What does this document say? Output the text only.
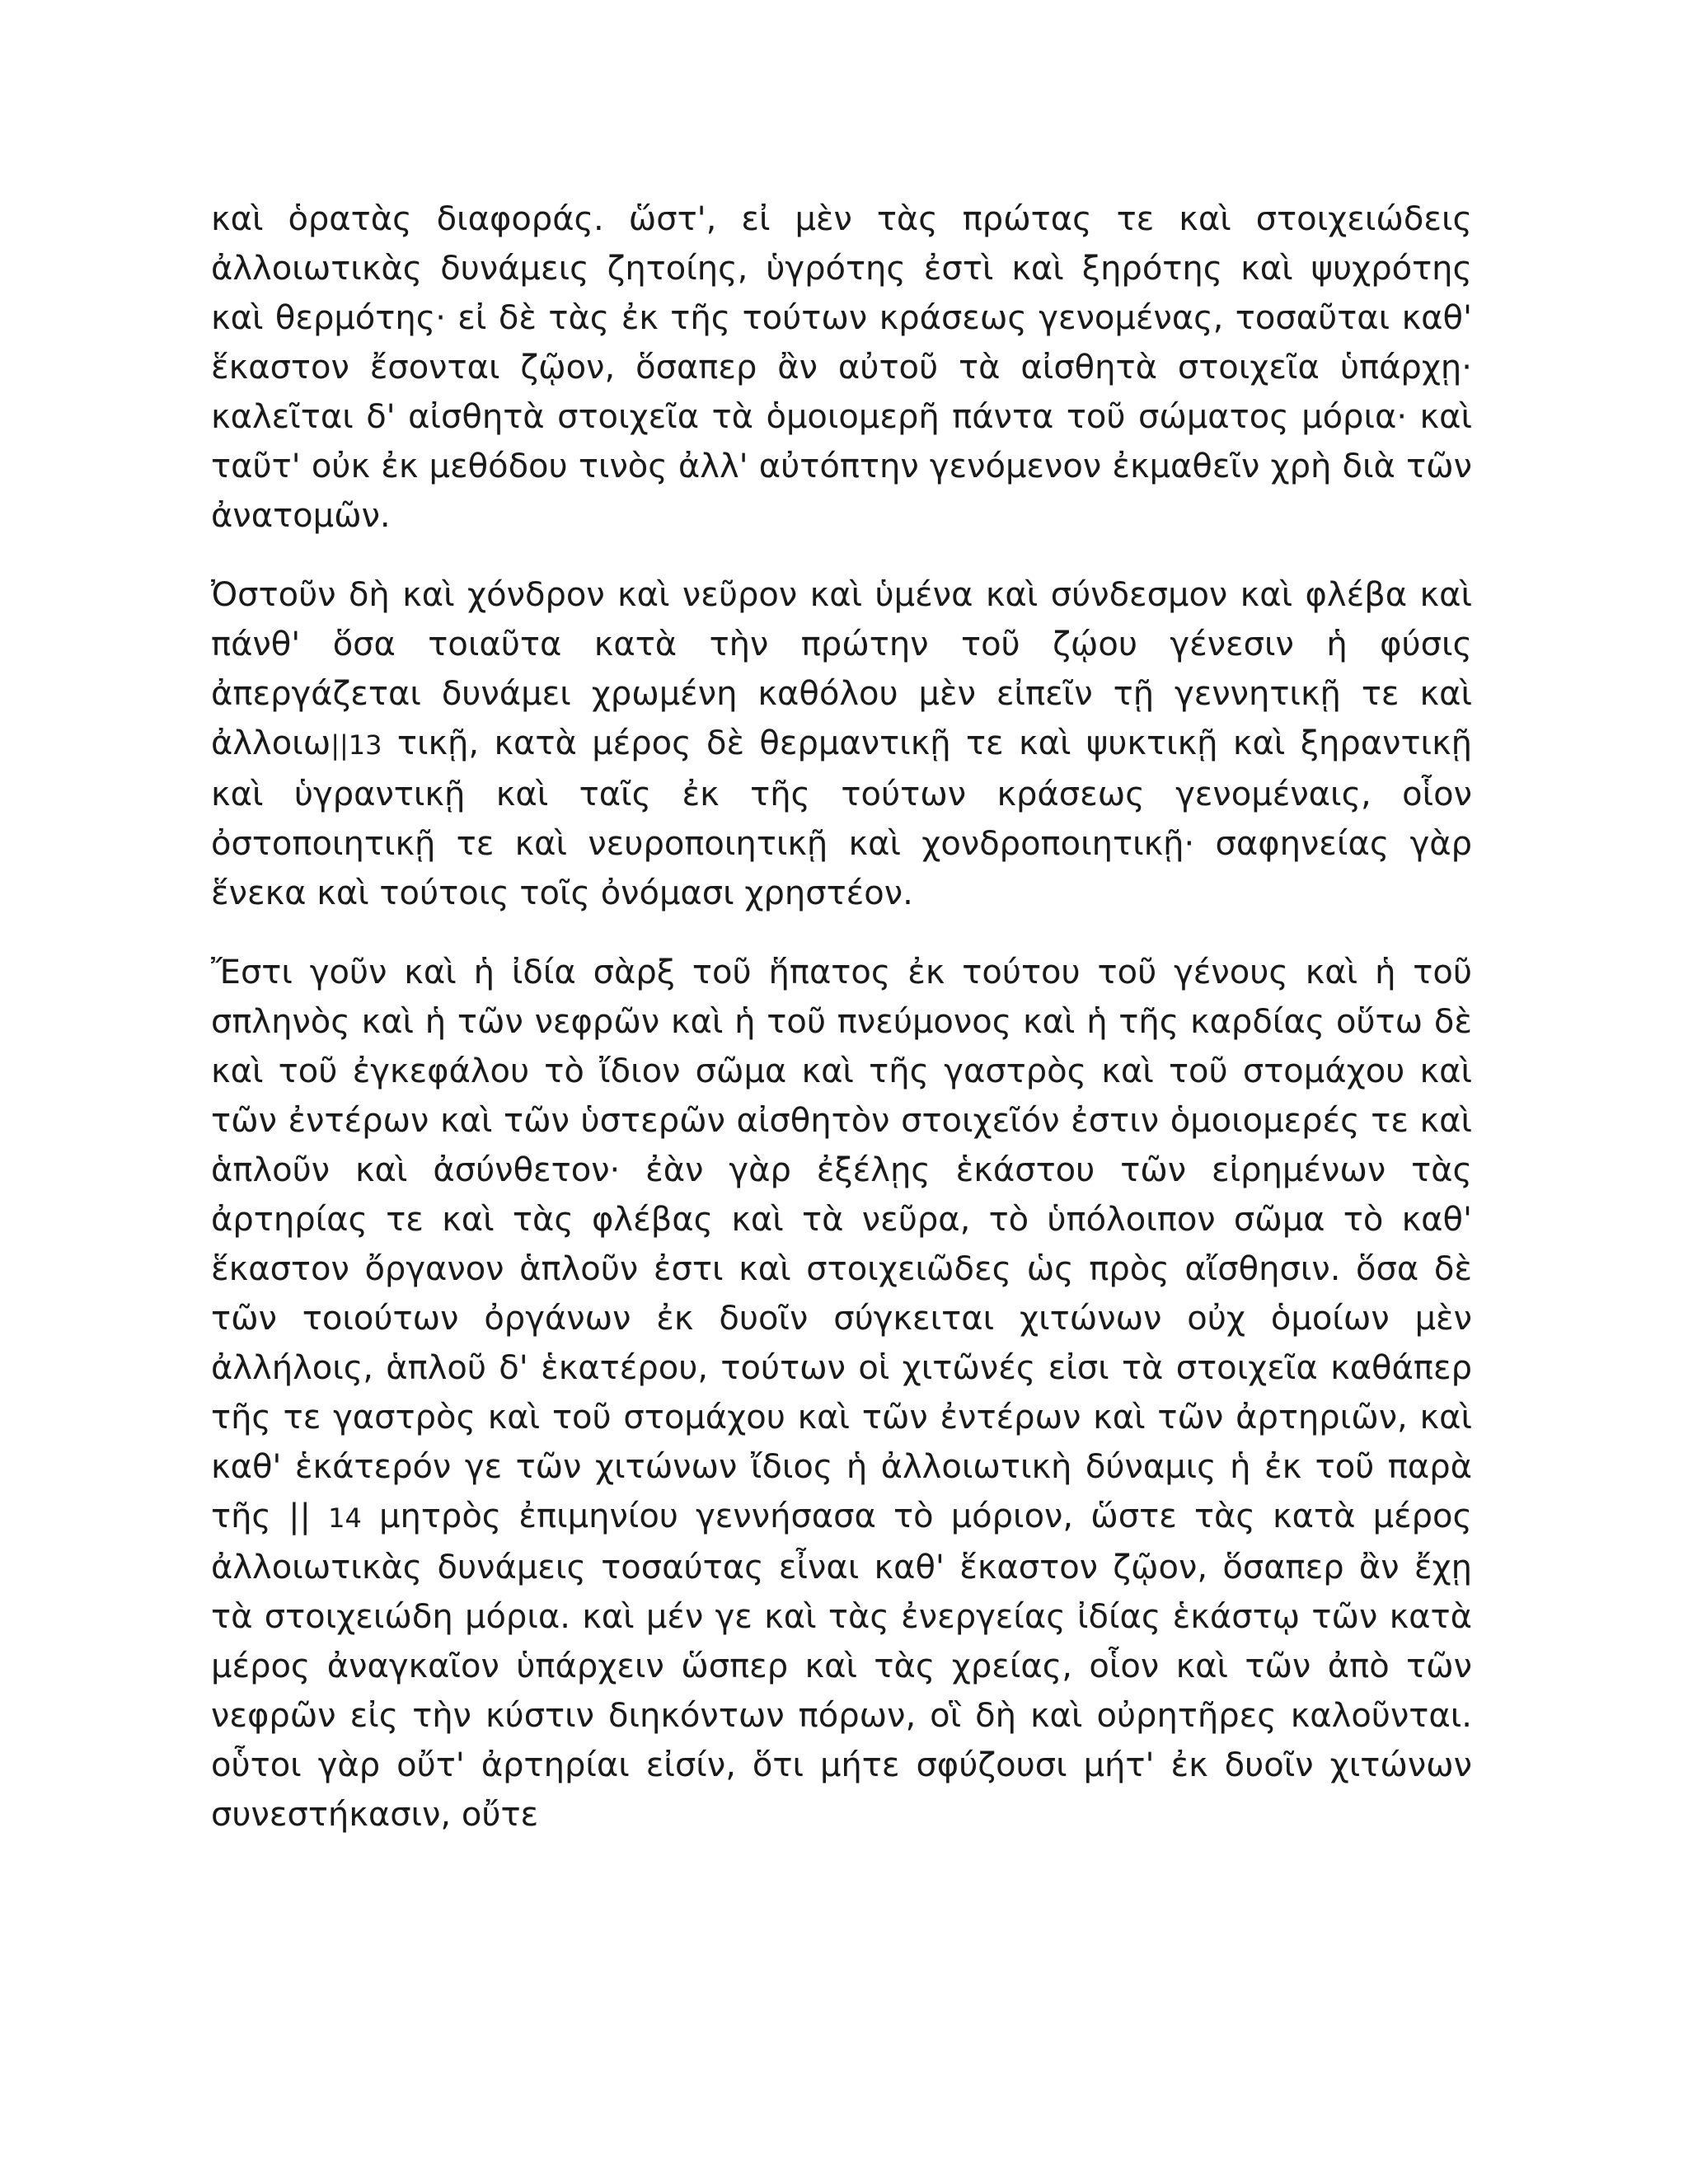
καὶ ὁρατὰς διαφοράς. ὥστ', εἰ μὲν τὰς πρώτας τε καὶ στοιχειώδεις ἀλλοιωτικὰς δυνάμεις ζητοίης, ὑγρότης ἐστὶ καὶ ξηρότης καὶ ψυχρότης καὶ θερμότης· εἰ δὲ τὰς ἐκ τῆς τούτων κράσεως γενομένας, τοσαῦται καθ' ἕκαστον ἔσονται ζῷον, ὅσαπερ ἂν αὐτοῦ τὰ αἰσθητὰ στοιχεῖα ὑπάρχῃ· καλεῖται δ' αἰσθητὰ στοιχεῖα τὰ ὁμοιομερῆ πάντα τοῦ σώματος μόρια· καὶ ταῦτ' οὐκ ἐκ μεθόδου τινὸς ἀλλ' αὐτόπτην γενόμενον ἐκμαθεῖν χρὴ διὰ τῶν ἀνατομῶν.

Ὀστοῦν δὴ καὶ χόνδρον καὶ νεῦρον καὶ ὑμένα καὶ σύνδεσμον καὶ φλέβα καὶ πάνθ' ὅσα τοιαῦτα κατὰ τὴν πρώτην τοῦ ζῴου γένεσιν ἡ φύσις ἀπεργάζεται δυνάμει χρωμένη καθόλου μὲν εἰπεῖν τῇ γεννητικῇ τε καὶ ἀλλοιω||13 τικῇ, κατὰ μέρος δὲ θερμαντικῇ τε καὶ ψυκτικῇ καὶ ξηραντικῇ καὶ ὑγραντικῇ καὶ ταῖς ἐκ τῆς τούτων κράσεως γενομέναις, οἷον ὀστοποιητικῇ τε καὶ νευροποιητικῇ καὶ χονδροποιητικῇ· σαφηνείας γὰρ ἕνεκα καὶ τούτοις τοῖς ὀνόμασι χρηστέον.

Ἔστι γοῦν καὶ ἡ ἰδία σὰρξ τοῦ ἥπατος ἐκ τούτου τοῦ γένους καὶ ἡ τοῦ σπληνὸς καὶ ἡ τῶν νεφρῶν καὶ ἡ τοῦ πνεύμονος καὶ ἡ τῆς καρδίας οὕτω δὲ καὶ τοῦ ἐγκεφάλου τὸ ἴδιον σῶμα καὶ τῆς γαστρὸς καὶ τοῦ στομάχου καὶ τῶν ἐντέρων καὶ τῶν ὑστερῶν αἰσθητὸν στοιχεῖόν ἐστιν ὁμοιομερές τε καὶ ἁπλοῦν καὶ ἀσύνθετον· ἐὰν γὰρ ἐξέλῃς ἑκάστου τῶν εἰρημένων τὰς ἀρτηρίας τε καὶ τὰς φλέβας καὶ τὰ νεῦρα, τὸ ὑπόλοιπον σῶμα τὸ καθ' ἕκαστον ὄργανον ἁπλοῦν ἐστι καὶ στοιχειῶδες ὡς πρὸς αἴσθησιν. ὅσα δὲ τῶν τοιούτων ὀργάνων ἐκ δυοῖν σύγκειται χιτώνων οὐχ ὁμοίων μὲν ἀλλήλοις, ἁπλοῦ δ' ἑκατέρου, τούτων οἱ χιτῶνές εἰσι τὰ στοιχεῖα καθάπερ τῆς τε γαστρὸς καὶ τοῦ στομάχου καὶ τῶν ἐντέρων καὶ τῶν ἀρτηριῶν, καὶ καθ' ἑκάτερόν γε τῶν χιτώνων ἴδιος ἡ ἀλλοιωτικὴ δύναμις ἡ ἐκ τοῦ παρὰ τῆς || 14 μητρὸς ἐπιμηνίου γεννήσασα τὸ μόριον, ὥστε τὰς κατὰ μέρος ἀλλοιωτικὰς δυνάμεις τοσαύτας εἶναι καθ' ἕκαστον ζῷον, ὅσαπερ ἂν ἔχῃ τὰ στοιχειώδη μόρια. καὶ μέν γε καὶ τὰς ἐνεργείας ἰδίας ἑκάστῳ τῶν κατὰ μέρος ἀναγκαῖον ὑπάρχειν ὥσπερ καὶ τὰς χρείας, οἷον καὶ τῶν ἀπὸ τῶν νεφρῶν εἰς τὴν κύστιν διηκόντων πόρων, οἳ δὴ καὶ οὐρητῆρες καλοῦνται. οὗτοι γὰρ οὔτ' ἀρτηρίαι εἰσίν, ὅτι μήτε σφύζουσι μήτ' ἐκ δυοῖν χιτώνων συνεστήκασιν, οὔτε
